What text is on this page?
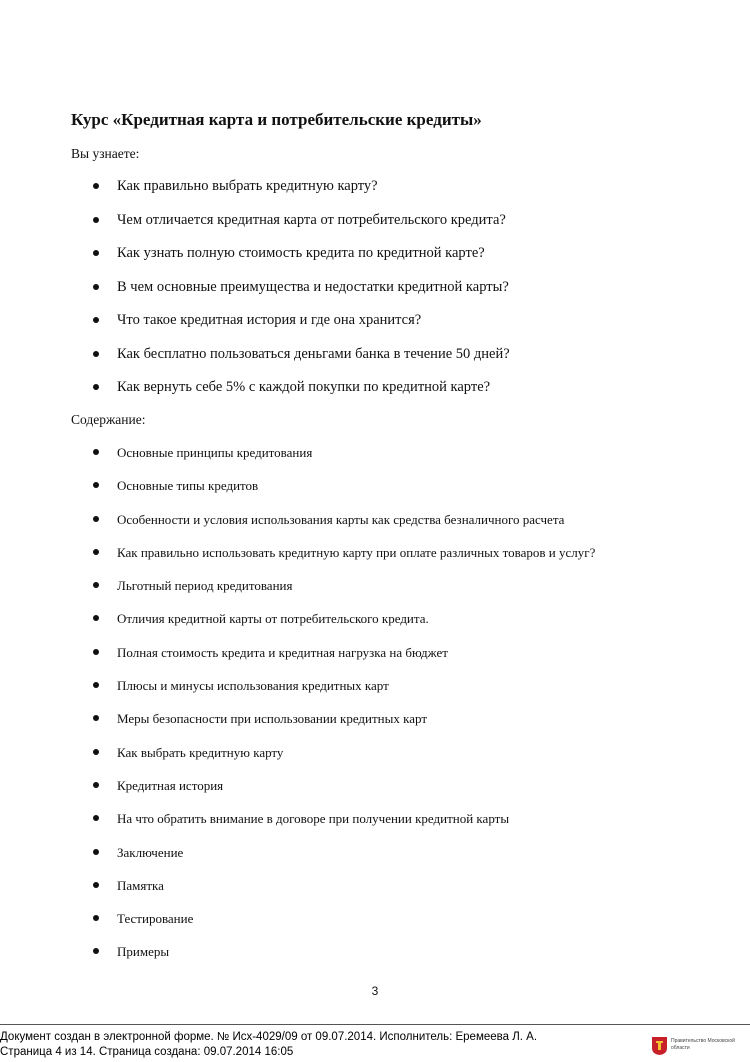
Курс «Кредитная карта и потребительские кредиты»
Вы узнаете:
Как правильно выбрать кредитную карту?
Чем отличается кредитная карта от потребительского кредита?
Как узнать полную стоимость кредита по кредитной карте?
В чем основные преимущества и недостатки кредитной карты?
Что такое кредитная история и где она хранится?
Как бесплатно пользоваться деньгами банка в течение 50 дней?
Как вернуть себе 5% с каждой покупки по кредитной карте?
Содержание:
Основные принципы кредитования
Основные типы кредитов
Особенности и условия использования карты как средства безналичного расчета
Как правильно использовать кредитную карту при оплате различных товаров и услуг?
Льготный период кредитования
Отличия кредитной карты от потребительского кредита.
Полная стоимость кредита и кредитная нагрузка на бюджет
Плюсы и минусы использования кредитных карт
Меры безопасности при использовании кредитных карт
Как выбрать кредитную карту
Кредитная история
На что обратить внимание в договоре при получении кредитной карты
Заключение
Памятка
Тестирование
Примеры
3
Документ создан в электронной форме. № Исх-4029/09 от 09.07.2014. Исполнитель: Еремеева Л. А.
Страница 4 из 14. Страница создана: 09.07.2014 16:05
Правительство Московской области
